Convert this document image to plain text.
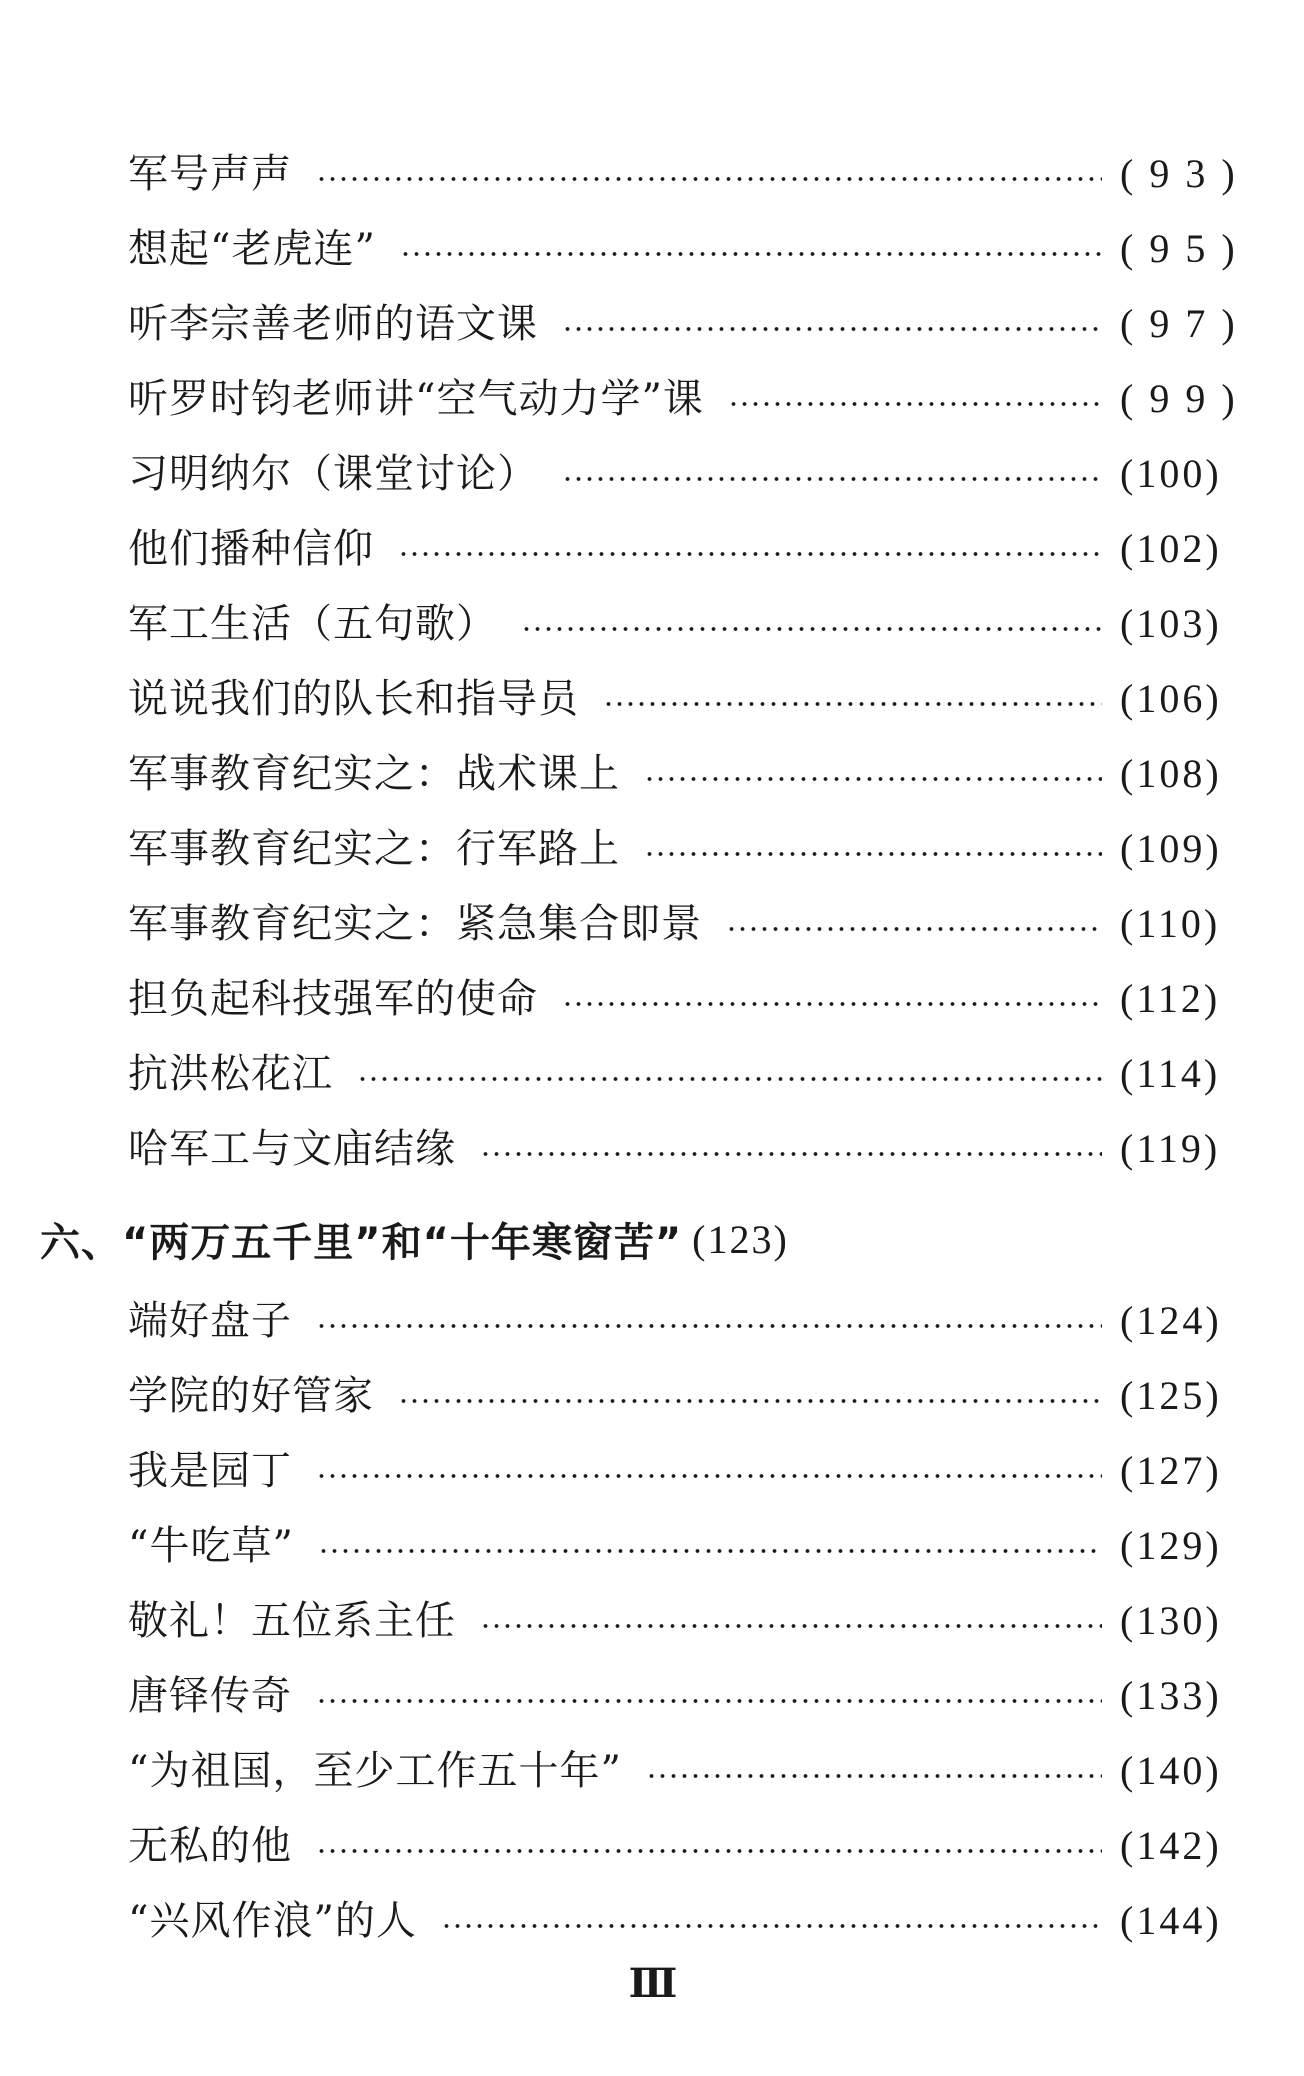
军号声声	( 9 3 )
想起“老虎连”	( 9 5 )
听李宗善老师的语文课	( 9 7 )
听罗时钧老师讲“空气动力学”课	( 9 9 )
习明纳尔（课堂讨论）	(100)
他们播种信仰	(102)
军工生活（五句歌）	(103)
说说我们的队长和指导员	(106)
军事教育纪实之：战术课上	(108)
军事教育纪实之：行军路上	(109)
军事教育纪实之：紧急集合即景	(110)
担负起科技强军的使命	(112)
抗洪松花江	(114)
哈军工与文庙结缘	(119)
六、“两万五千里”和“十年寒窗苦” (123)
端好盘子	(124)
学院的好管家	(125)
我是园丁	(127)
“牛吃草”	(129)
敬礼！五位系主任	(130)
唐铎传奇	(133)
“为祖国，至少工作五十年”	(140)
无私的他	(142)
“兴风作浪”的人	(144)
Ⅲ
